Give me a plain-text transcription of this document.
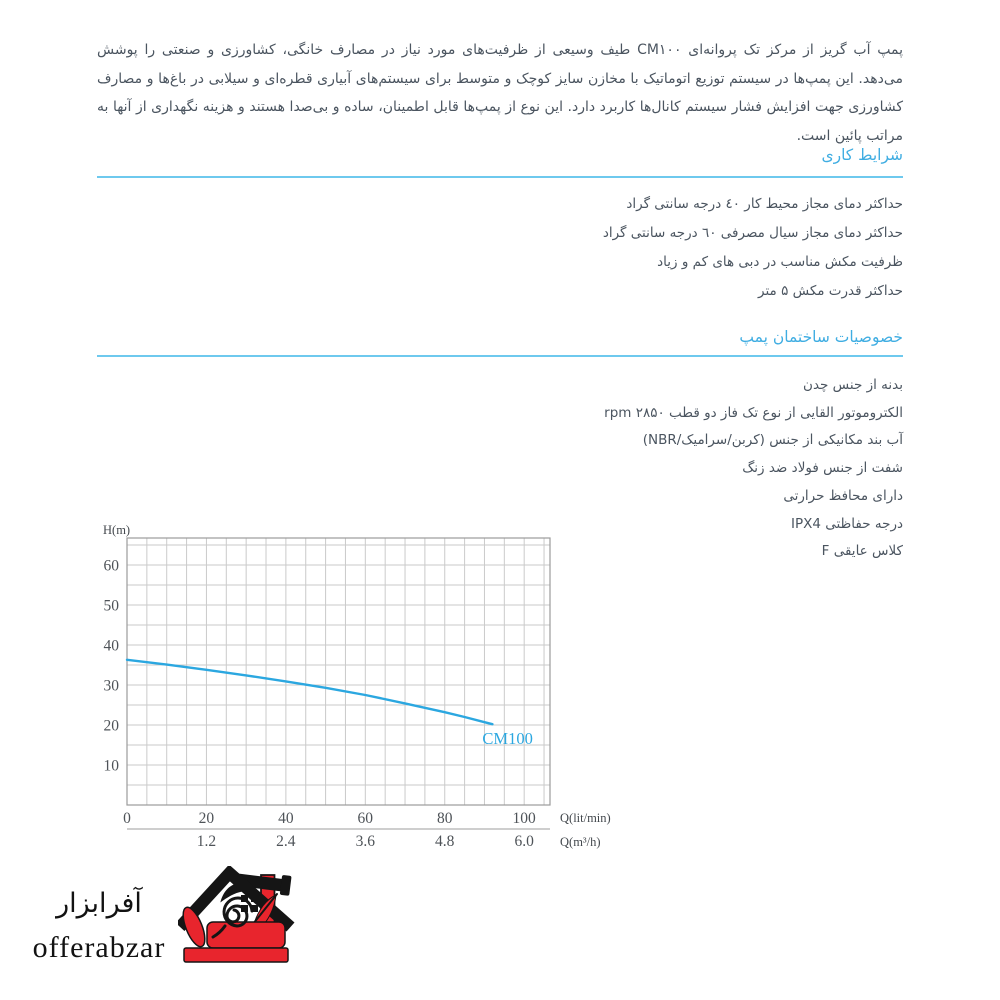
پمپ آب گریز از مرکز تک پروانه‌ای CM۱۰۰ طیف وسیعی از ظرفیت‌های مورد نیاز در مصارف خانگی، کشاورزی و صنعتی را پوشش می‌دهد. این پمپ‌ها در سیستم توزیع اتوماتیک با مخازن سایز کوچک و متوسط برای سیستم‌های آبیاری قطره‌ای و سیلابی در باغ‌ها و مصارف کشاورزی جهت افزایش فشار سیستم کانال‌ها کاربرد دارد. این نوع از پمپ‌ها قابل اطمینان، ساده و بی‌صدا هستند و هزینه نگهداری از آنها به مراتب پائین است.

شرایط کاری
حداکثر دمای مجاز محیط کار ٤٠ درجه سانتی گراد
حداکثر دمای مجاز سیال مصرفی ٦٠ درجه سانتی گراد
ظرفیت مکش مناسب در دبی های کم و زیاد
حداکثر قدرت مکش ۵ متر
خصوصیات ساختمان پمپ
بدنه از جنس چدن
الکتروموتور القایی از نوع تک فاز دو قطب ۲۸۵۰ rpm
آب بند مکانیکی از جنس (کربن/سرامیک/NBR)
شفت از جنس فولاد ضد زنگ
دارای محافظ حرارتی
درجه حفاظتی IPX4
کلاس عایقی F
10
20
30
40
50
60
0	20	40	60	80	100
1.2	2.4	3.6	4.8	6.0
Q(lit/min)
Q(m³/h)
H(m)
CM100
آفرابزار
offerabzar
